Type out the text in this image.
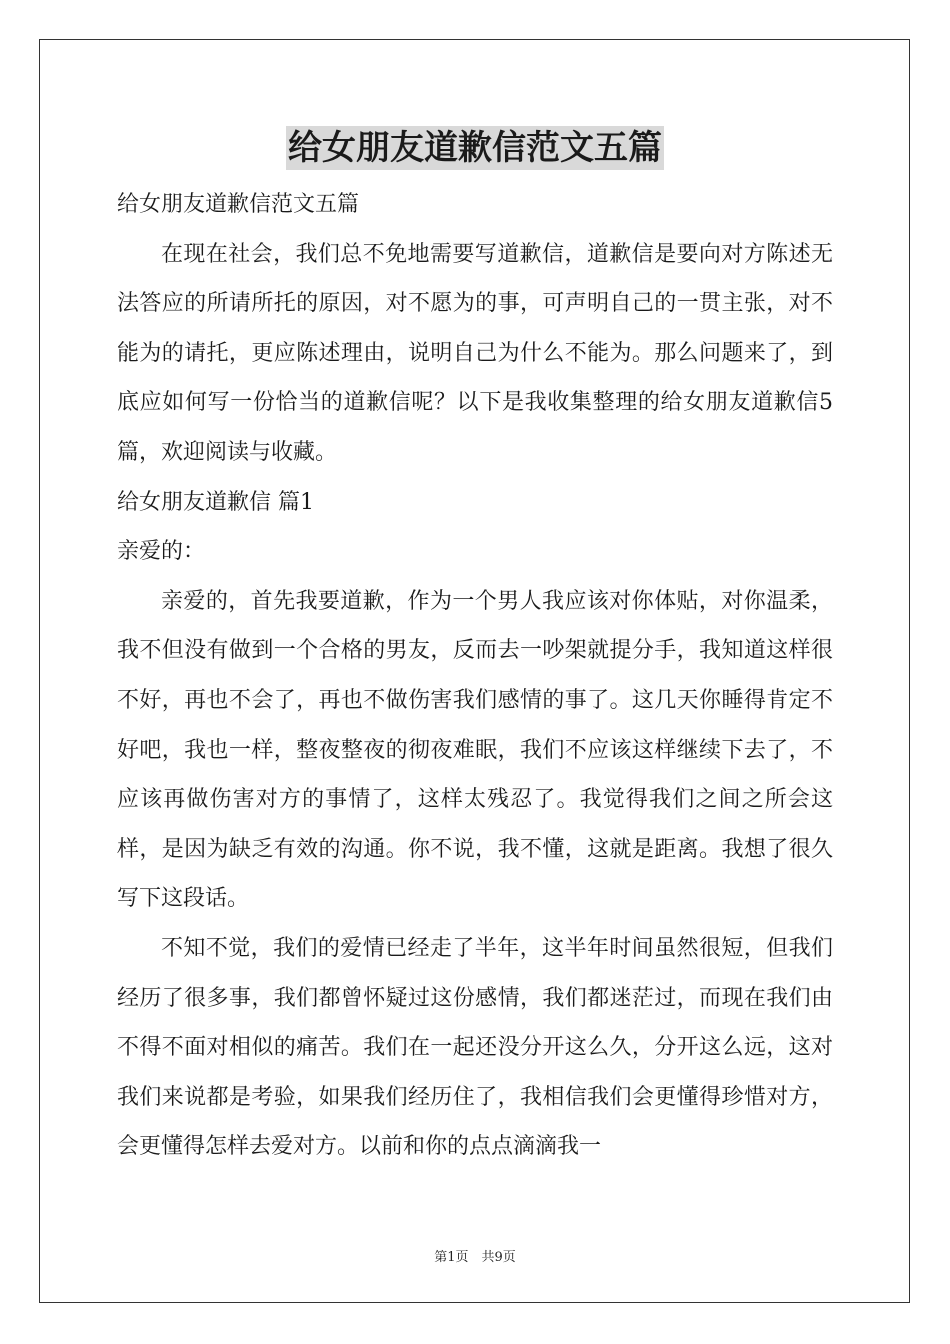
给女朋友道歉信范文五篇

给女朋友道歉信范文五篇

在现在社会，我们总不免地需要写道歉信，道歉信是要向对方陈述无法答应的所请所托的原因，对不愿为的事，可声明自己的一贯主张，对不能为的请托，更应陈述理由，说明自己为什么不能为。那么问题来了，到底应如何写一份恰当的道歉信呢？以下是我收集整理的给女朋友道歉信5篇，欢迎阅读与收藏。

给女朋友道歉信 篇1

亲爱的：

亲爱的，首先我要道歉，作为一个男人我应该对你体贴，对你温柔，我不但没有做到一个合格的男友，反而去一吵架就提分手，我知道这样很不好，再也不会了，再也不做伤害我们感情的事了。这几天你睡得肯定不好吧，我也一样，整夜整夜的彻夜难眠，我们不应该这样继续下去了，不应该再做伤害对方的事情了，这样太残忍了。我觉得我们之间之所会这样，是因为缺乏有效的沟通。你不说，我不懂，这就是距离。我想了很久写下这段话。

不知不觉，我们的爱情已经走了半年，这半年时间虽然很短，但我们经历了很多事，我们都曾怀疑过这份感情，我们都迷茫过，而现在我们由不得不面对相似的痛苦。我们在一起还没分开这么久，分开这么远，这对我们来说都是考验，如果我们经历住了，我相信我们会更懂得珍惜对方，会更懂得怎样去爱对方。以前和你的点点滴滴我一

第1页　共9页
